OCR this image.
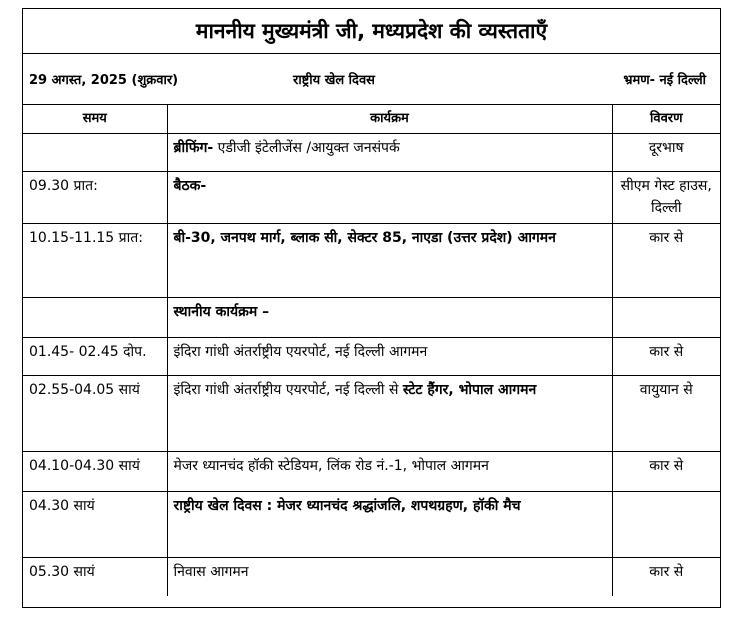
माननीय मुख्यमंत्री जी, मध्यप्रदेश की व्यस्तताएँ
29 अगस्त, 2025 (शुक्रवार)	राष्ट्रीय खेल दिवस	भ्रमण- नई दिल्ली
समय	कार्यक्रम	विवरण
	ब्रीफिंग- एडीजी इंटेलीजेंस /आयुक्त जनसंपर्क	दूरभाष
09.30 प्रात:	बैठक-	सीएम गेस्ट हाउस, दिल्ली
10.15-11.15 प्रात:	बी-30, जनपथ मार्ग, ब्लाक सी, सेक्टर 85, नाएडा (उत्तर प्रदेश) आगमन	कार से
	स्थानीय कार्यक्रम –	
01.45- 02.45 दोप.	इंदिरा गांधी अंतर्राष्ट्रीय एयरपोर्ट, नई दिल्ली आगमन	कार से
02.55-04.05 सायं	इंदिरा गांधी अंतर्राष्ट्रीय एयरपोर्ट, नई दिल्ली से स्टेट हैंगर, भोपाल आगमन	वायुयान से
04.10-04.30 सायं	मेजर ध्यानचंद हॉकी स्टेडियम, लिंक रोड नं.-1, भोपाल आगमन	कार से
04.30 सायं	राष्ट्रीय खेल दिवस : मेजर ध्यानचंद श्रद्धांजलि, शपथग्रहण, हॉकी मैच	
05.30 सायं	निवास आगमन	कार से
